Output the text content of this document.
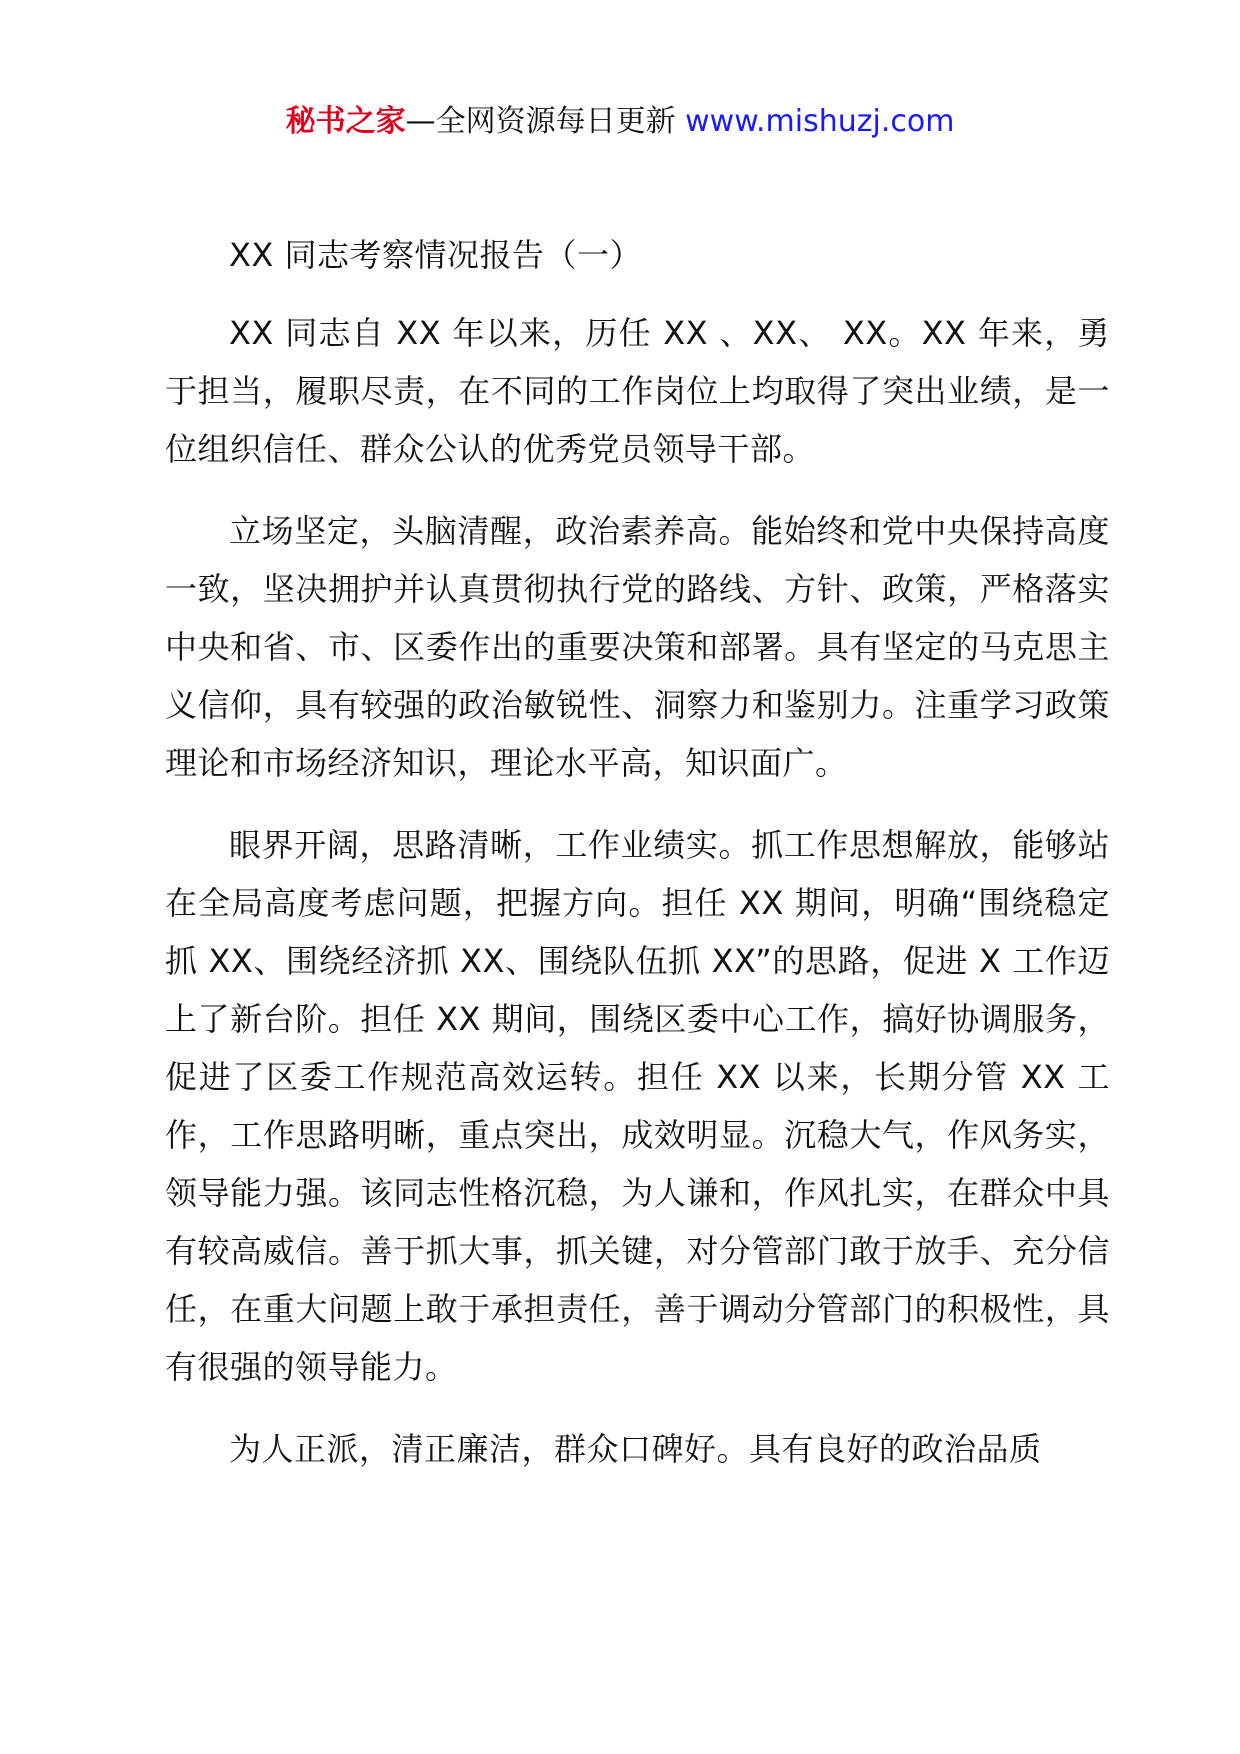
秘书之家—全网资源每日更新 www.mishuzj.com

XX 同志考察情况报告（一）

XX 同志自 XX 年以来，历任 XX 、XX、 XX。XX 年来，勇于担当，履职尽责，在不同的工作岗位上均取得了突出业绩，是一位组织信任、群众公认的优秀党员领导干部。

立场坚定，头脑清醒，政治素养高。能始终和党中央保持高度一致，坚决拥护并认真贯彻执行党的路线、方针、政策，严格落实中央和省、市、区委作出的重要决策和部署。具有坚定的马克思主义信仰，具有较强的政治敏锐性、洞察力和鉴别力。注重学习政策理论和市场经济知识，理论水平高，知识面广。

眼界开阔，思路清晰，工作业绩实。抓工作思想解放，能够站在全局高度考虑问题，把握方向。担任 XX 期间，明确“围绕稳定抓 XX、围绕经济抓 XX、围绕队伍抓 XX”的思路，促进 X 工作迈上了新台阶。担任 XX 期间，围绕区委中心工作，搞好协调服务，促进了区委工作规范高效运转。担任 XX 以来，长期分管 XX 工作，工作思路明晰，重点突出，成效明显。沉稳大气，作风务实，领导能力强。该同志性格沉稳，为人谦和，作风扎实，在群众中具有较高威信。善于抓大事，抓关键，对分管部门敢于放手、充分信任，在重大问题上敢于承担责任，善于调动分管部门的积极性，具有很强的领导能力。

为人正派，清正廉洁，群众口碑好。具有良好的政治品质
